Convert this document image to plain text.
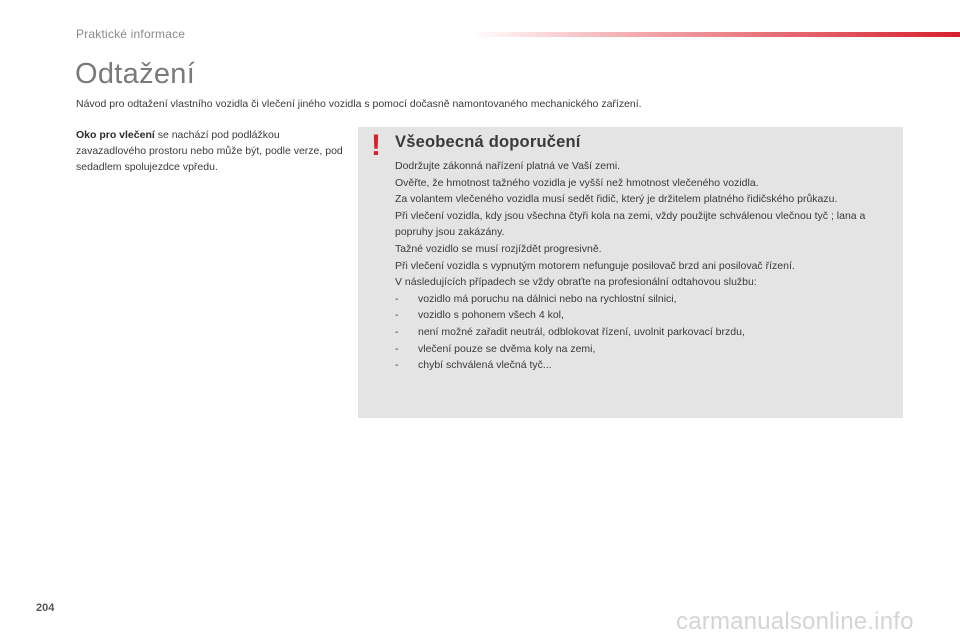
Praktické informace
Odtažení

Návod pro odtažení vlastního vozidla či vlečení jiného vozidla s pomocí dočasně namontovaného mechanického zařízení.

Oko pro vlečení se nachází pod podlážkou zavazadlového prostoru nebo může být, podle verze, pod sedadlem spolujezdce vpředu.

! Všeobecná doporučení

Dodržujte zákonná nařízení platná ve Vaší zemi.

Ověřte, že hmotnost tažného vozidla je vyšší než hmotnost vlečeného vozidla.

Za volantem vlečeného vozidla musí sedět řidič, který je držitelem platného řidičského průkazu.

Při vlečení vozidla, kdy jsou všechna čtyři kola na zemi, vždy použijte schválenou vlečnou tyč ; lana a popruhy jsou zakázány.

Tažné vozidlo se musí rozjíždět progresivně.

Při vlečení vozidla s vypnutým motorem nefunguje posilovač brzd ani posilovač řízení.

V následujících případech se vždy obraťte na profesionální odtahovou službu:

- vozidlo má poruchu na dálnici nebo na rychlostní silnici,
- vozidlo s pohonem všech 4 kol,
- není možné zařadit neutrál, odblokovat řízení, uvolnit parkovací brzdu,
- vlečení pouze se dvěma koly na zemi,
- chybí schválená vlečná tyč...
204	carmanualsonline.info
